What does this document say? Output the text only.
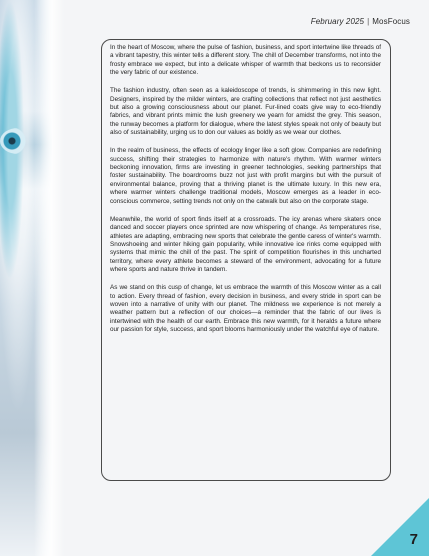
February 2025 | MosFocus

In the heart of Moscow, where the pulse of fashion, business, and sport intertwine like threads of a vibrant tapestry, this winter tells a different story. The chill of December transforms, not into the frosty embrace we expect, but into a delicate whisper of warmth that beckons us to reconsider the very fabric of our existence.

The fashion industry, often seen as a kaleidoscope of trends, is shimmering in this new light. Designers, inspired by the milder winters, are crafting collections that reflect not just aesthetics but also a growing consciousness about our planet. Fur-lined coats give way to eco-friendly fabrics, and vibrant prints mimic the lush greenery we yearn for amidst the grey. This season, the runway becomes a platform for dialogue, where the latest styles speak not only of beauty but also of sustainability, urging us to don our values as boldly as we wear our clothes.

In the realm of business, the effects of ecology linger like a soft glow. Companies are redefining success, shifting their strategies to harmonize with nature's rhythm. With warmer winters beckoning innovation, firms are investing in greener technologies, seeking partnerships that foster sustainability. The boardrooms buzz not just with profit margins but with the pursuit of environmental balance, proving that a thriving planet is the ultimate luxury. In this new era, where warmer winters challenge traditional models, Moscow emerges as a leader in eco-conscious commerce, setting trends not only on the catwalk but also on the corporate stage.

Meanwhile, the world of sport finds itself at a crossroads. The icy arenas where skaters once danced and soccer players once sprinted are now whispering of change. As temperatures rise, athletes are adapting, embracing new sports that celebrate the gentle caress of winter's warmth. Snowshoeing and winter hiking gain popularity, while innovative ice rinks come equipped with systems that mimic the chill of the past. The spirit of competition flourishes in this uncharted territory, where every athlete becomes a steward of the environment, advocating for a future where sports and nature thrive in tandem.

As we stand on this cusp of change, let us embrace the warmth of this Moscow winter as a call to action. Every thread of fashion, every decision in business, and every stride in sport can be woven into a narrative of unity with our planet. The mildness we experience is not merely a weather pattern but a reflection of our choices—a reminder that the fabric of our lives is intertwined with the health of our earth. Embrace this new warmth, for it heralds a future where our passion for style, success, and sport blooms harmoniously under the watchful eye of nature.

7
